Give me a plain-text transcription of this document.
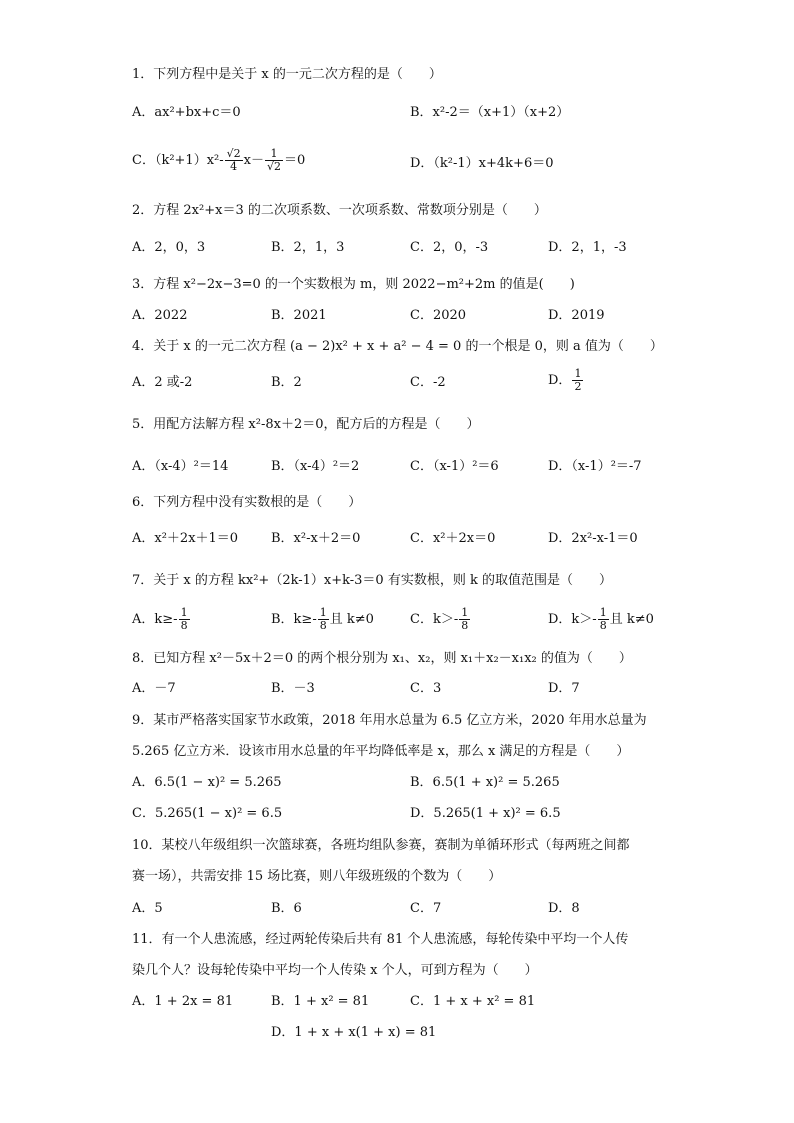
1．下列方程中是关于 x 的一元二次方程的是（　　）
A．ax²+bx+c＝0	B．x²-2＝（x+1）（x+2）
C．$(k^2+1)x^2- \frac{√2}{4} x- \frac{1}{√2} =0$	D．（k²-1）x+4k+6＝0
2．方程 2x²+x＝3 的二次项系数、一次项系数、常数项分别是（　　）
A．2，0，3	B．2，1，3	C．2，0，-3	D．2，1，-3
3．方程 x²−2x−3=0 的一个实数根为 m，则 2022−m²+2m 的值是(　　)
A．2022	B．2021	C．2020	D．2019
4．关于 x 的一元二次方程 (a − 2)x² + x + a² − 4 = 0 的一个根是 0，则 a 值为（　　）
A．2 或-2	B．2	C．-2	D． $\frac{1}{2}$
5．用配方法解方程 x²-8x＋2＝0，配方后的方程是（　　）
A．（x-4）²＝14	B．（x-4）²＝2	C．（x-1）²＝6	D．（x-1）²＝-7
6．下列方程中没有实数根的是（　　）
A．x²＋2x＋1＝0	B．x²-x＋2＝0	C．x²＋2x＝0	D．2x²-x-1＝0
7．关于 x 的方程 kx²+（2k-1）x+k-3＝0 有实数根，则 k 的取值范围是（　　）
A．$k\ge- \frac{1}{8}$	B．$k\ge- \frac{1}{8}$ 且 k≠0	C．$k>- \frac{1}{8}$	D．$k>- \frac{1}{8}$ 且 k≠0
8．已知方程 x²－5x＋2＝0 的两个根分别为 x₁、x₂，则 x₁＋x₂－x₁x₂ 的值为（　　）
A．－7	B．－3	C．3	D．7
9．某市严格落实国家节水政策，2018 年用水总量为 6.5 亿立方米，2020 年用水总量为
5.265 亿立方米．设该市用水总量的年平均降低率是 x，那么 x 满足的方程是（　　）
A．6.5(1 − x)² = 5.265	B．6.5(1 + x)² = 5.265
C．5.265(1 − x)² = 6.5	D．5.265(1 + x)² = 6.5
10．某校八年级组织一次篮球赛，各班均组队参赛，赛制为单循环形式（每两班之间都
赛一场），共需安排 15 场比赛，则八年级班级的个数为（　　）
A．5	B．6	C．7	D．8
11．有一个人患流感，经过两轮传染后共有 81 个人患流感，每轮传染中平均一个人传
染几个人？设每轮传染中平均一个人传染 x 个人，可到方程为（　　）
A．1 + 2x = 81	B．1 + x² = 81	C．1 + x + x² = 81
D．1 + x + x(1 + x) = 81
